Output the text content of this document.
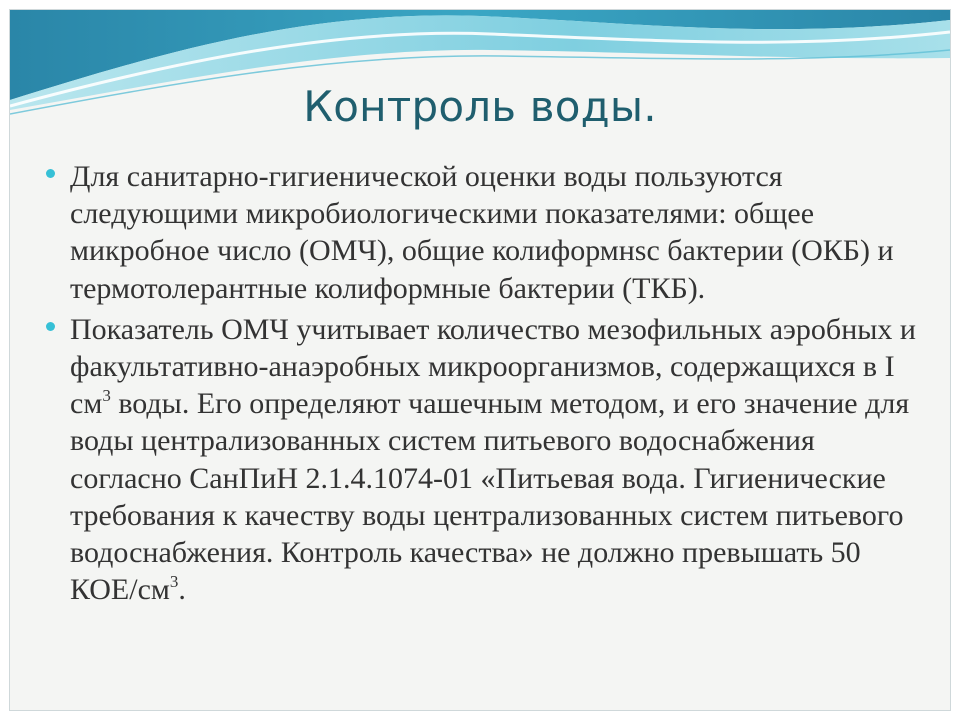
Контроль воды.
Для санитарно-гигиенической оценки воды пользуются следующими микробиологическими показателями: общее микробное число (ОМЧ), общие колиформнsс бактерии (ОКБ) и термотолерантные колиформные бактерии (ТКБ).
Показатель ОМЧ учитывает количество мезофильных аэробных и факультативно-анаэробных микроорганизмов, содержащихся в I $см^3$ воды. Его определяют чашечным методом, и его значение для воды централизованных систем питьевого водоснабжения согласно СанПиН 2.1.4.1074-01 «Питьевая вода. Гигиенические требования к качеству воды централизованных систем питьевого водоснабжения. Контроль качества» не должно превышать 50 КОЕ/$см^3$.
